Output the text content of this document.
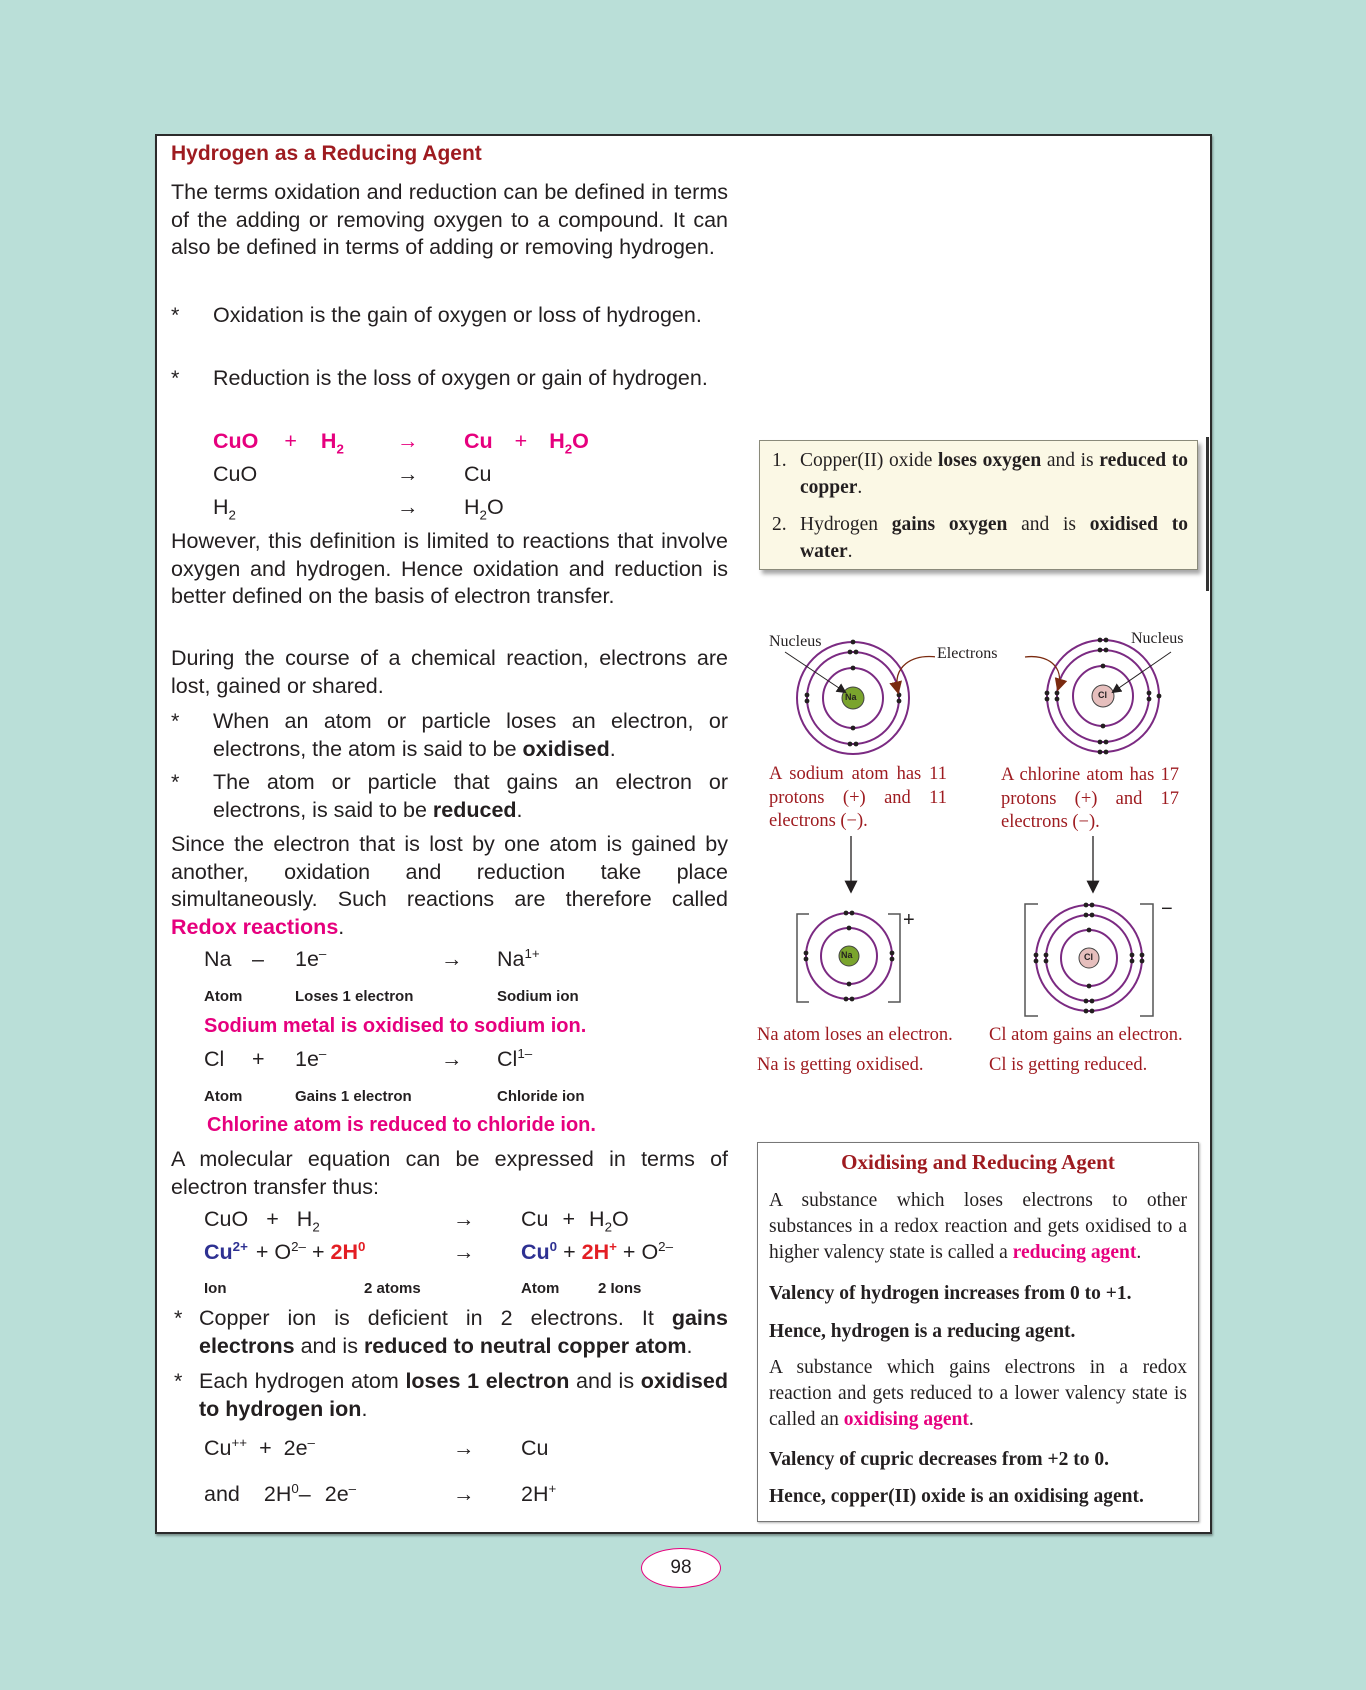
Hydrogen as a Reducing Agent
The terms oxidation and reduction can be defined in terms of the adding or removing oxygen to a compound. It can also be defined in terms of adding or removing hydrogen.
*	Oxidation is the gain of oxygen or loss of hydrogen.
*	Reduction is the loss of oxygen or gain of hydrogen.
CuO + $H_2 \to Cu + H_2O$
CuO	→ Cu
$H_2$	→ $H_2O$
However, this definition is limited to reactions that involve oxygen and hydrogen. Hence oxidation and reduction is better defined on the basis of electron transfer.
During the course of a chemical reaction, electrons are lost, gained or shared.
*	When an atom or particle loses an electron, or electrons, the atom is said to be oxidised.
*	The atom or particle that gains an electron or electrons, is said to be reduced.
Since the electron that is lost by one atom is gained by another, oxidation and reduction take place simultaneously. Such reactions are therefore called Redox reactions.
Na – 1e–	→ $Na^{1+}$
Atom	Loses 1 electron	Sodium ion
Sodium metal is oxidised to sodium ion.
Cl + 1e–	→ $Cl^{1-}$
Atom	Gains 1 electron	Chloride ion
Chlorine atom is reduced to chloride ion.
A molecular equation can be expressed in terms of electron transfer thus:
CuO + $H_2$	→ $Cu + H_2O$
$Cu^{2+} + O^{2-} + 2H^0$	→ $Cu^0 + 2H^+ + O^{2-}$
Ion	2 atoms	Atom	2 Ions
* Copper ion is deficient in 2 electrons. It gains electrons and is reduced to neutral copper atom.
* Each hydrogen atom loses 1 electron and is oxidised to hydrogen ion.
Cu++ + 2e–	→ Cu
and $2H^0-$ 2e–	→ 2H+
Nucleus
Electrons
Nucleus
Na	Cl
Na	Cl
A sodium atom has 11 protons (+) and 11 electrons (−).
A chlorine atom has 17 protons (+) and 17 electrons (−).
+	−
Na atom loses an electron.
Na is getting oxidised.
Cl atom gains an electron.
Cl is getting reduced.
1. Copper(II) oxide loses oxygen and is reduced to copper.
2. Hydrogen gains oxygen and is oxidised to water.
Oxidising and Reducing Agent

A substance which loses electrons to other substances in a redox reaction and gets oxidised to a higher valency state is called a reducing agent.

Valency of hydrogen increases from 0 to +1.

Hence, hydrogen is a reducing agent.

A substance which gains electrons in a redox reaction and gets reduced to a lower valency state is called an oxidising agent.

Valency of cupric decreases from +2 to 0.

Hence, copper(II) oxide is an oxidising agent.

98
